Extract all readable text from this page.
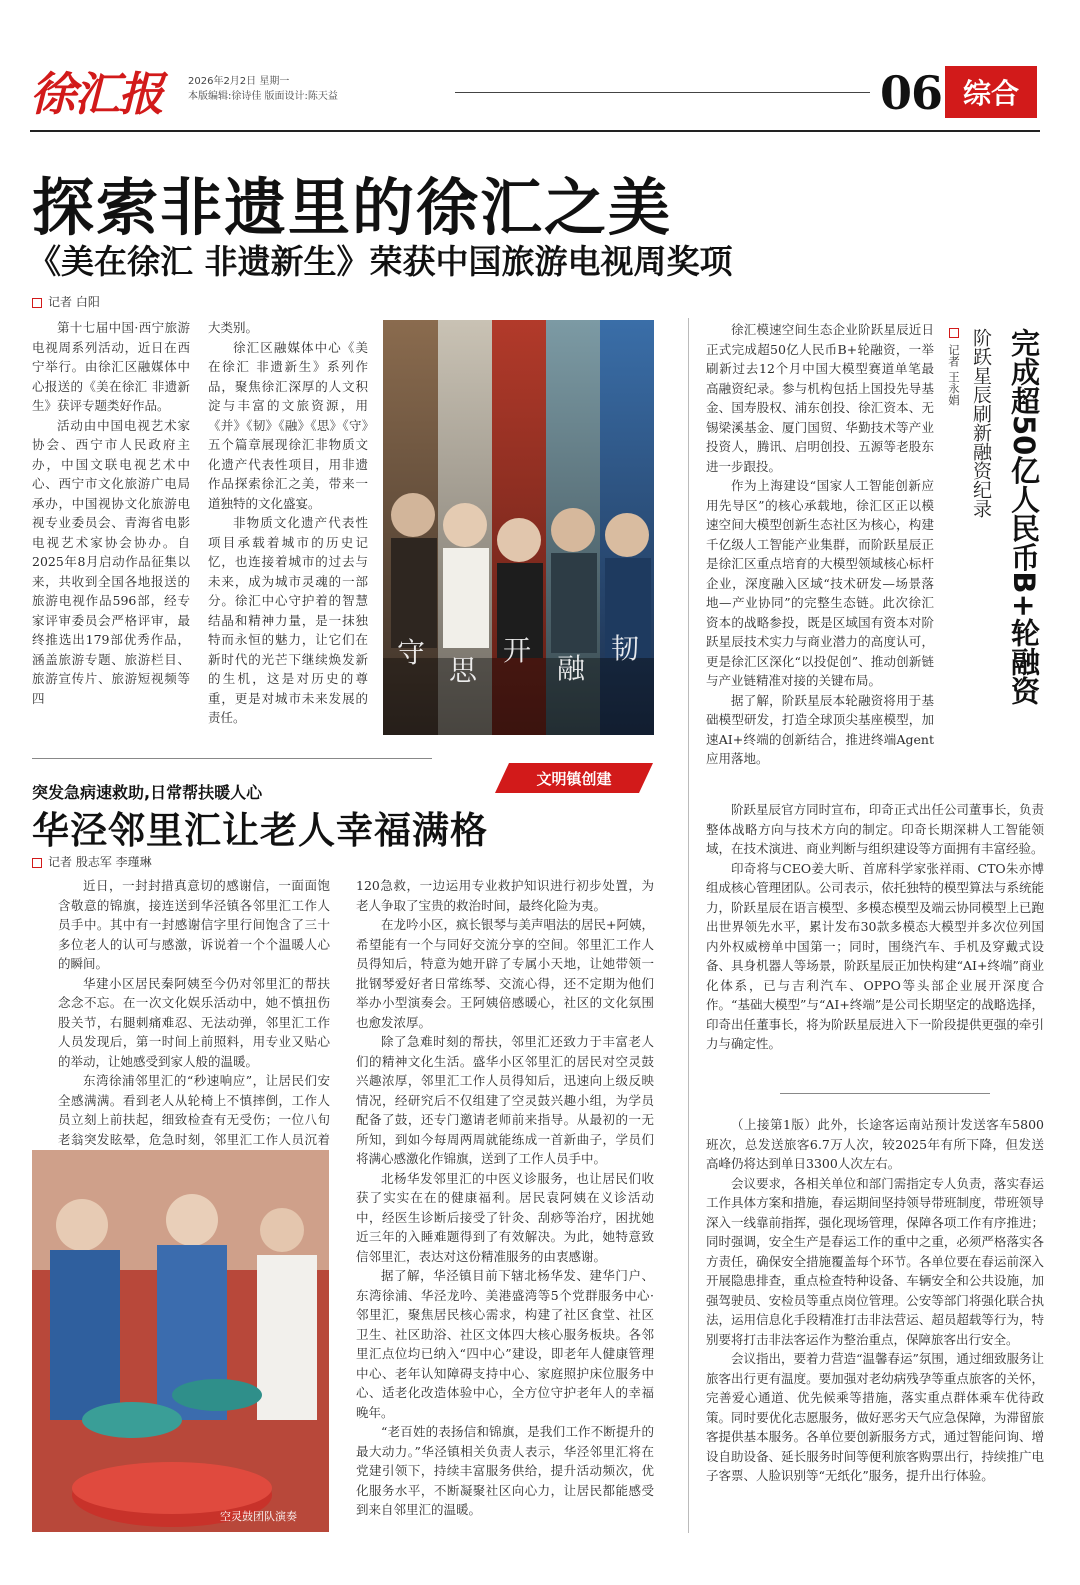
徐汇报	2026年2月2日 星期一
本版编辑:徐诗佳 版面设计:陈天益	06 综合
探索非遗里的徐汇之美
《美在徐汇 非遗新生》荣获中国旅游电视周奖项
记者 白阳

第十七届中国·西宁旅游电视周系列活动，近日在西宁举行。由徐汇区融媒体中心报送的《美在徐汇 非遗新生》获评专题类好作品。

活动由中国电视艺术家协会、西宁市人民政府主办，中国文联电视艺术中心、西宁市文化旅游广电局承办，中国视协文化旅游电视专业委员会、青海省电影电视艺术家协会协办。自2025年8月启动作品征集以来，共收到全国各地报送的旅游电视作品596部，经专家评审委员会严格评审，最终推选出179部优秀作品，涵盖旅游专题、旅游栏目、旅游宣传片、旅游短视频等四

大类别。

徐汇区融媒体中心《美在徐汇 非遗新生》系列作品，聚焦徐汇深厚的人文积淀与丰富的文旅资源，用《并》《韧》《融》《思》《守》五个篇章展现徐汇非物质文化遗产代表性项目，用非遗作品探索徐汇之美，带来一道独特的文化盛宴。

非物质文化遗产代表性项目承载着城市的历史记忆，也连接着城市的过去与未来，成为城市灵魂的一部分。徐汇中心守护着的智慧结晶和精神力量，是一抹独特而永恒的魅力，让它们在新时代的光芒下继续焕发新的生机，这是对历史的尊重，更是对城市未来发展的责任。

守
思
开
融
韧	完成超50亿人民币B+轮融资
阶跃星辰刷新融资纪录
记者 王永娟

徐汇模速空间生态企业阶跃星辰近日正式完成超50亿人民币B+轮融资，一举刷新过去12个月中国大模型赛道单笔最高融资纪录。参与机构包括上国投先导基金、国寿股权、浦东创投、徐汇资本、无锡梁溪基金、厦门国贸、华勤技术等产业投资人，腾讯、启明创投、五源等老股东进一步跟投。

作为上海建设“国家人工智能创新应用先导区”的核心承载地，徐汇区正以模速空间大模型创新生态社区为核心，构建千亿级人工智能产业集群，而阶跃星辰正是徐汇区重点培育的大模型领域核心标杆企业，深度融入区域“技术研发—场景落地—产业协同”的完整生态链。此次徐汇资本的战略参投，既是区域国有资本对阶跃星辰技术实力与商业潜力的高度认可，更是徐汇区深化“以投促创”、推动创新链与产业链精准对接的关键布局。

据了解，阶跃星辰本轮融资将用于基础模型研发，打造全球顶尖基座模型，加速AI+终端的创新结合，推进终端Agent应用落地。

阶跃星辰官方同时宣布，印奇正式出任公司董事长，负责整体战略方向与技术方向的制定。印奇长期深耕人工智能领域，在技术演进、商业判断与组织建设等方面拥有丰富经验。

印奇将与CEO姜大昕、首席科学家张祥雨、CTO朱亦博组成核心管理团队。公司表示，依托独特的模型算法与系统能力，阶跃星辰在语言模型、多模态模型及端云协同模型上已跑出世界领先水平，累计发布30款多模态大模型并多次位列国内外权威榜单中国第一；同时，围绕汽车、手机及穿戴式设备、具身机器人等场景，阶跃星辰正加快构建“AI+终端”商业化体系，已与吉利汽车、OPPO等头部企业展开深度合作。“基础大模型”与“AI+终端”是公司长期坚定的战略选择，印奇出任董事长，将为阶跃星辰进入下一阶段提供更强的牵引力与确定性。

文明镇创建
突发急病速救助,日常帮扶暖人心
华泾邻里汇让老人幸福满格
记者 殷志军 李瑾琳

近日，一封封措真意切的感谢信，一面面饱含敬意的锦旗，接连送到华泾镇各邻里汇工作人员手中。其中有一封感谢信字里行间饱含了三十多位老人的认可与感激，诉说着一个个温暖人心的瞬间。

华建小区居民秦阿姨至今仍对邻里汇的帮扶念念不忘。在一次文化娱乐活动中，她不慎扭伤股关节，右腿刺痛难忍、无法动弹，邻里汇工作人员发现后，第一时间上前照料，用专业又贴心的举动，让她感受到家人般的温暖。

东湾徐浦邻里汇的“秒速响应”，让居民们安全感满满。看到老人从轮椅上不慎摔倒，工作人员立刻上前扶起，细致检查有无受伤；一位八旬老翁突发眩晕，危急时刻，邻里汇工作人员沉着

120急救，一边运用专业救护知识进行初步处置，为老人争取了宝贵的救治时间，最终化险为夷。

在龙吟小区，疯长银琴与美声唱法的居民+阿姨，希望能有一个与同好交流分享的空间。邻里汇工作人员得知后，特意为她开辟了专属小天地，让她带领一批钢琴爱好者日常练琴、交流心得，还不定期为他们举办小型演奏会。王阿姨倍感暖心，社区的文化氛围也愈发浓厚。

除了急难时刻的帮扶，邻里汇还致力于丰富老人们的精神文化生活。盛华小区邻里汇的居民对空灵鼓兴趣浓厚，邻里汇工作人员得知后，迅速向上级反映情况，经研究后不仅组建了空灵鼓兴趣小组，为学员配备了鼓，还专门邀请老师前来指导。从最初的一无所知，到如今每周两周就能练成一首新曲子，学员们将满心感激化作锦旗，送到了工作人员手中。

北杨华发邻里汇的中医义诊服务，也让居民们收获了实实在在的健康福利。居民袁阿姨在义诊活动中，经医生诊断后接受了针灸、刮痧等治疗，困扰她近三年的入睡难题得到了有效解决。为此，她特意致信邻里汇，表达对这份精准服务的由衷感谢。

据了解，华泾镇目前下辖北杨华发、建华门户、东湾徐浦、华泾龙吟、美港盛湾等5个党群服务中心·邻里汇，聚焦居民核心需求，构建了社区食堂、社区卫生、社区助浴、社区文体四大核心服务板块。各邻里汇点位均已纳入“四中心”建设，即老年人健康管理中心、老年认知障碍支持中心、家庭照护床位服务中心、适老化改造体验中心，全方位守护老年人的幸福晚年。

“老百姓的表扬信和锦旗，是我们工作不断提升的最大动力。”华泾镇相关负责人表示，华泾邻里汇将在党建引领下，持续丰富服务供给，提升活动频次，优化服务水平，不断凝聚社区向心力，让居民都能感受到来自邻里汇的温暖。

空灵鼓团队演奏

（上接第1版）此外，长途客运南站预计发送客车5800班次，总发送旅客6.7万人次，较2025年有所下降，但发送高峰仍将达到单日3300人次左右。

会议要求，各相关单位和部门需指定专人负责，落实春运工作具体方案和措施，春运期间坚持领导带班制度，带班领导深入一线靠前指挥，强化现场管理，保障各项工作有序推进；同时强调，安全生产是春运工作的重中之重，必须严格落实各方责任，确保安全措施覆盖每个环节。各单位要在春运前深入开展隐患排查，重点检查特种设备、车辆安全和公共设施，加强驾驶员、安检员等重点岗位管理。公安等部门将强化联合执法，运用信息化手段精准打击非法营运、超员超载等行为，特别要将打击非法客运作为整治重点，保障旅客出行安全。

会议指出，要着力营造“温馨春运”氛围，通过细致服务让旅客出行更有温度。要加强对老幼病残孕等重点旅客的关怀，完善爱心通道、优先候乘等措施，落实重点群体乘车优待政策。同时要优化志愿服务，做好恶劣天气应急保障，为滞留旅客提供基本服务。各单位要创新服务方式，通过智能问询、增设自助设备、延长服务时间等便利旅客购票出行，持续推广电子客票、人脸识别等“无纸化”服务，提升出行体验。
